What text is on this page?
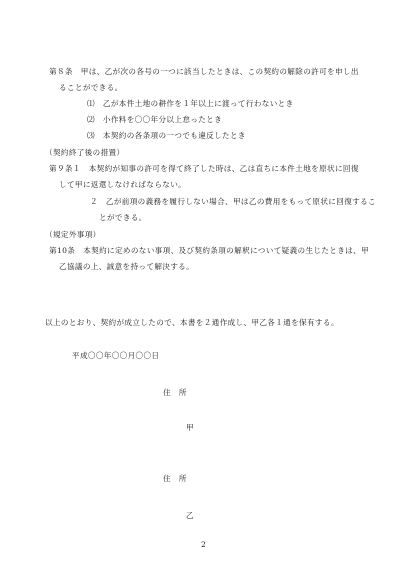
第８条　甲は、乙が次の各号の一つに該当したときは、この契約の解除の許可を申し出
ることができる。
⑴　乙が本件土地の耕作を１年以上に渡って行わないとき
⑵　小作料を〇〇年分以上怠ったとき
⑶　本契約の各条項の一つでも違反したとき
（契約終了後の措置）
第９条１　本契約が知事の許可を得て終了した時は、乙は直ちに本件土地を原状に回復
して甲に返還しなければならない。
２　乙が前項の義務を履行しない場合、甲は乙の費用をもって原状に回復するこ
とができる。
（規定外事項）
第10条　本契約に定めのない事項、及び契約条項の解釈について疑義の生じたときは、甲
乙協議の上、誠意を持って解決する。
以上のとおり、契約が成立したので、本書を２通作成し、甲乙各１通を保有する。
平成〇〇年〇〇月〇〇日
住　所
甲
住　所
乙
2
